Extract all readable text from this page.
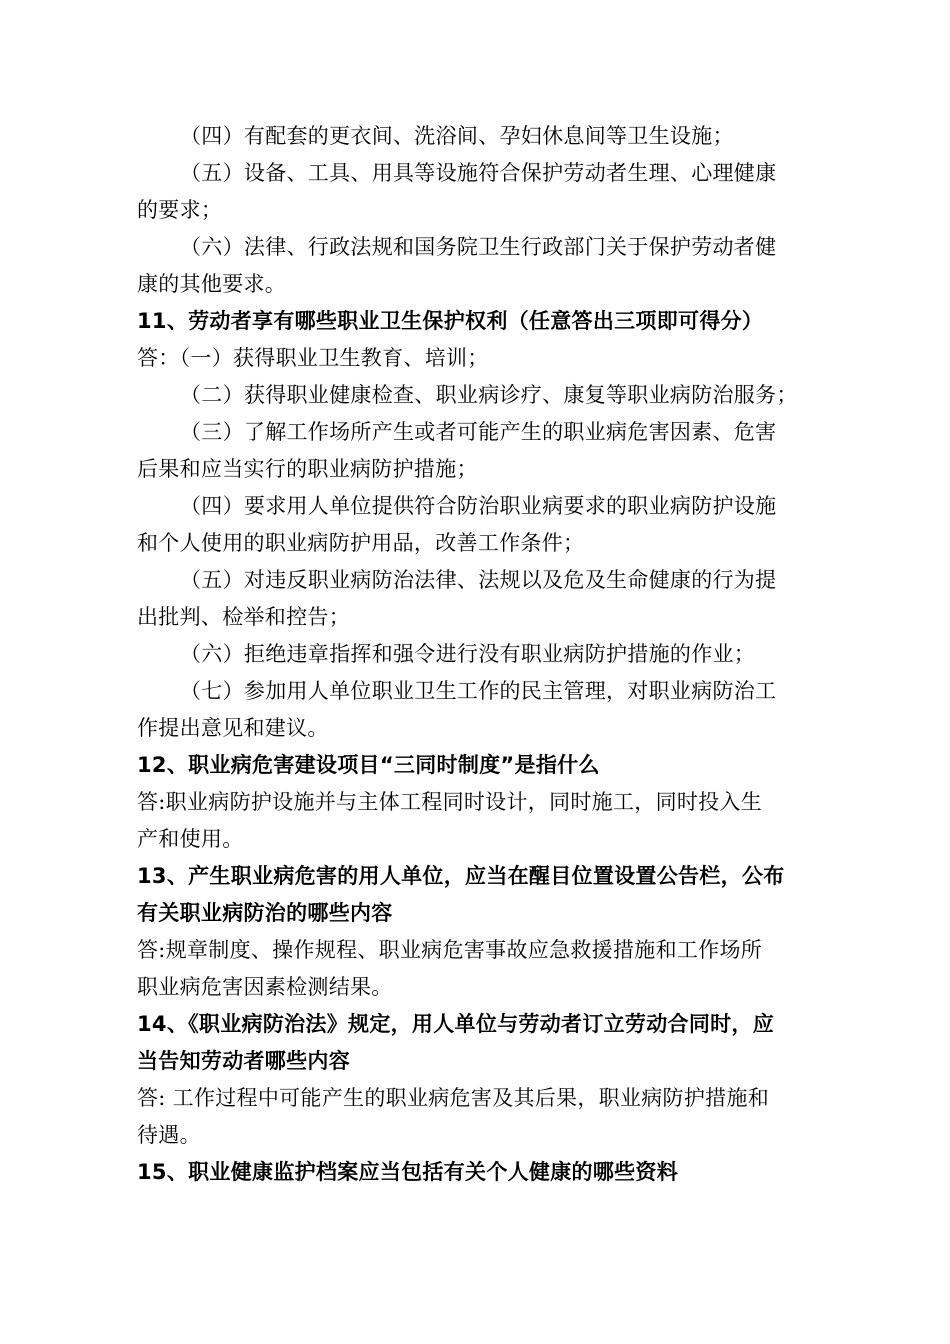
（四）有配套的更衣间、洗浴间、孕妇休息间等卫生设施；
（五）设备、工具、用具等设施符合保护劳动者生理、心理健康
的要求；
（六）法律、行政法规和国务院卫生行政部门关于保护劳动者健
康的其他要求。
11、劳动者享有哪些职业卫生保护权利（任意答出三项即可得分）
答：（一）获得职业卫生教育、培训；
（二）获得职业健康检查、职业病诊疗、康复等职业病防治服务；
（三）了解工作场所产生或者可能产生的职业病危害因素、危害
后果和应当实行的职业病防护措施；
（四）要求用人单位提供符合防治职业病要求的职业病防护设施
和个人使用的职业病防护用品，改善工作条件；
（五）对违反职业病防治法律、法规以及危及生命健康的行为提
出批判、检举和控告；
（六）拒绝违章指挥和强令进行没有职业病防护措施的作业；
（七）参加用人单位职业卫生工作的民主管理，对职业病防治工
作提出意见和建议。
12、职业病危害建设项目“三同时制度”是指什么
答:职业病防护设施并与主体工程同时设计，同时施工，同时投入生
产和使用。
13、产生职业病危害的用人单位，应当在醒目位置设置公告栏，公布
有关职业病防治的哪些内容
答:规章制度、操作规程、职业病危害事故应急救援措施和工作场所
职业病危害因素检测结果。
14、《职业病防治法》规定，用人单位与劳动者订立劳动合同时，应
当告知劳动者哪些内容
答: 工作过程中可能产生的职业病危害及其后果，职业病防护措施和
待遇。
15、职业健康监护档案应当包括有关个人健康的哪些资料
